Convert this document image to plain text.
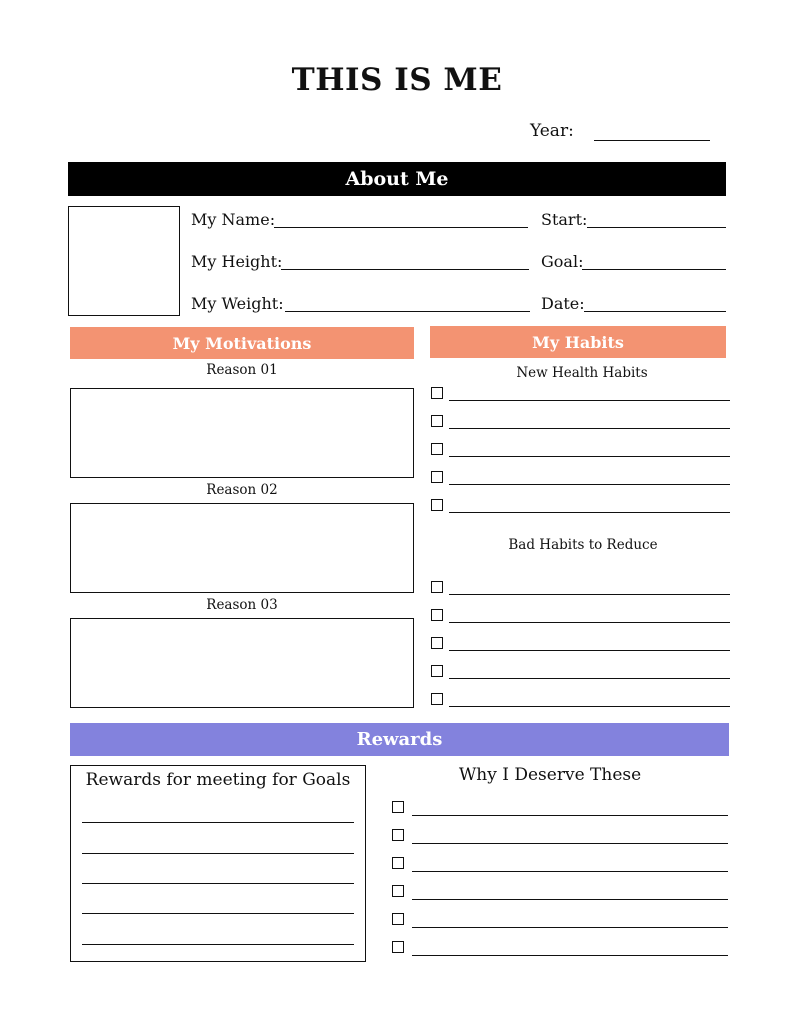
THIS IS ME
Year:
About Me
My Name:
My Height:
My Weight:
Start:
Goal:
Date:
My Motivations
Reason 01
Reason 02
Reason 03
My Habits
New Health Habits
Bad Habits to Reduce
Rewards
Rewards for meeting for Goals	Why I Deserve These
